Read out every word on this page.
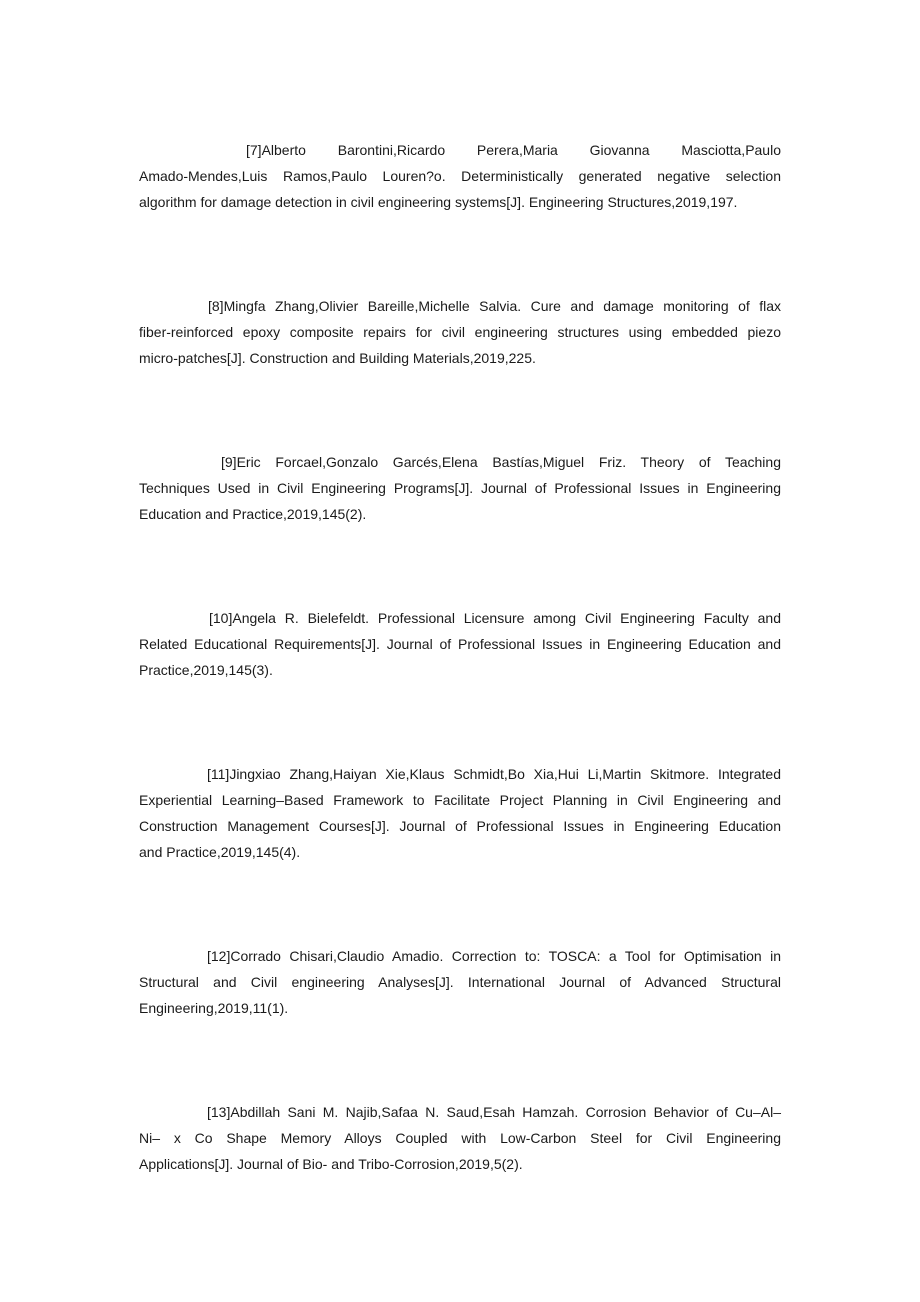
[7]Alberto Barontini,Ricardo Perera,Maria Giovanna Masciotta,Paulo
Amado-Mendes,Luis Ramos,Paulo Louren?o. Deterministically generated negative selection
algorithm for damage detection in civil engineering systems[J]. Engineering Structures,2019,197.

[8]Mingfa Zhang,Olivier Bareille,Michelle Salvia. Cure and damage monitoring of flax
fiber-reinforced epoxy composite repairs for civil engineering structures using embedded piezo
micro-patches[J]. Construction and Building Materials,2019,225.

[9]Eric Forcael,Gonzalo Garcés,Elena Bastías,Miguel Friz. Theory of Teaching
Techniques Used in Civil Engineering Programs[J]. Journal of Professional Issues in Engineering
Education and Practice,2019,145(2).

[10]Angela R. Bielefeldt. Professional Licensure among Civil Engineering Faculty and
Related Educational Requirements[J]. Journal of Professional Issues in Engineering Education and
Practice,2019,145(3).

[11]Jingxiao Zhang,Haiyan Xie,Klaus Schmidt,Bo Xia,Hui Li,Martin Skitmore. Integrated
Experiential Learning–Based Framework to Facilitate Project Planning in Civil Engineering and
Construction Management Courses[J]. Journal of Professional Issues in Engineering Education
and Practice,2019,145(4).

[12]Corrado Chisari,Claudio Amadio. Correction to: TOSCA: a Tool for Optimisation in
Structural and Civil engineering Analyses[J]. International Journal of Advanced Structural
Engineering,2019,11(1).

[13]Abdillah Sani M. Najib,Safaa N. Saud,Esah Hamzah. Corrosion Behavior of Cu–Al–
Ni– x Co Shape Memory Alloys Coupled with Low-Carbon Steel for Civil Engineering
Applications[J]. Journal of Bio- and Tribo-Corrosion,2019,5(2).
